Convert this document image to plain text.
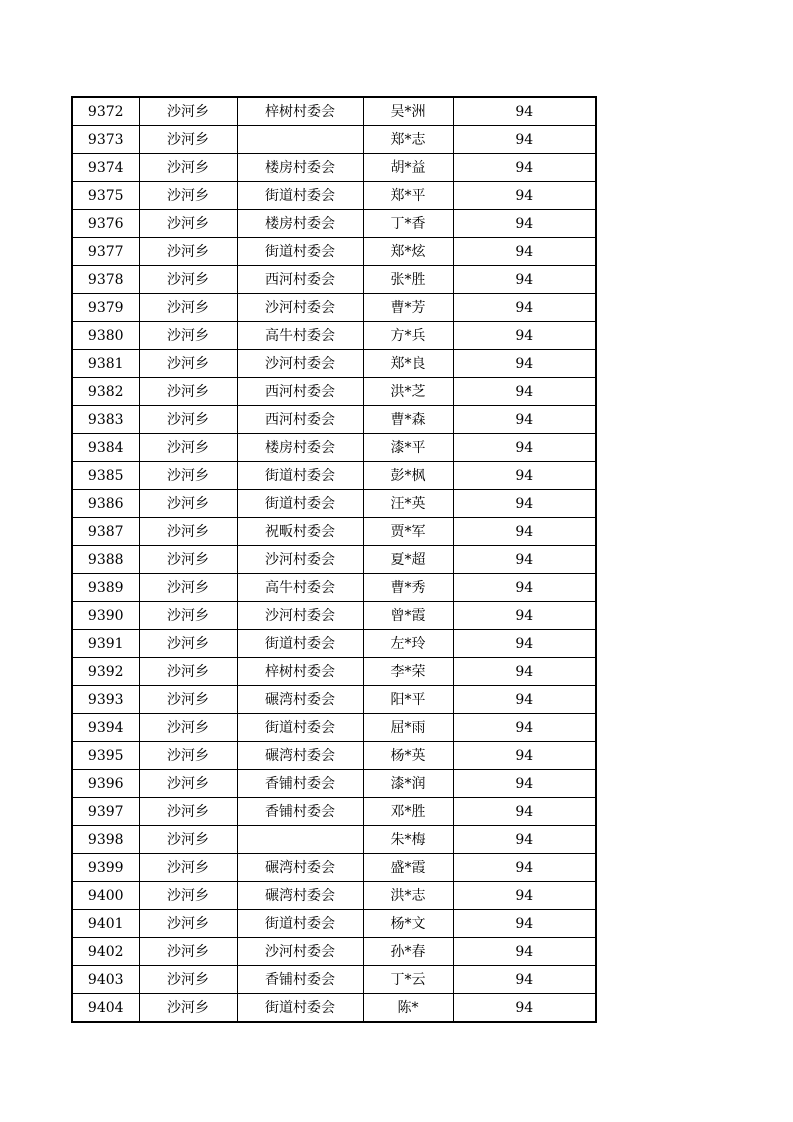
9372	沙河乡	梓树村委会	吴*洲	94
9373	沙河乡		郑*志	94
9374	沙河乡	楼房村委会	胡*益	94
9375	沙河乡	街道村委会	郑*平	94
9376	沙河乡	楼房村委会	丁*香	94
9377	沙河乡	街道村委会	郑*炫	94
9378	沙河乡	西河村委会	张*胜	94
9379	沙河乡	沙河村委会	曹*芳	94
9380	沙河乡	高牛村委会	方*兵	94
9381	沙河乡	沙河村委会	郑*良	94
9382	沙河乡	西河村委会	洪*芝	94
9383	沙河乡	西河村委会	曹*森	94
9384	沙河乡	楼房村委会	漆*平	94
9385	沙河乡	街道村委会	彭*枫	94
9386	沙河乡	街道村委会	汪*英	94
9387	沙河乡	祝畈村委会	贾*军	94
9388	沙河乡	沙河村委会	夏*超	94
9389	沙河乡	高牛村委会	曹*秀	94
9390	沙河乡	沙河村委会	曾*霞	94
9391	沙河乡	街道村委会	左*玲	94
9392	沙河乡	梓树村委会	李*荣	94
9393	沙河乡	碾湾村委会	阳*平	94
9394	沙河乡	街道村委会	屈*雨	94
9395	沙河乡	碾湾村委会	杨*英	94
9396	沙河乡	香铺村委会	漆*润	94
9397	沙河乡	香铺村委会	邓*胜	94
9398	沙河乡		朱*梅	94
9399	沙河乡	碾湾村委会	盛*霞	94
9400	沙河乡	碾湾村委会	洪*志	94
9401	沙河乡	街道村委会	杨*文	94
9402	沙河乡	沙河村委会	孙*春	94
9403	沙河乡	香铺村委会	丁*云	94
9404	沙河乡	街道村委会	陈*	94
